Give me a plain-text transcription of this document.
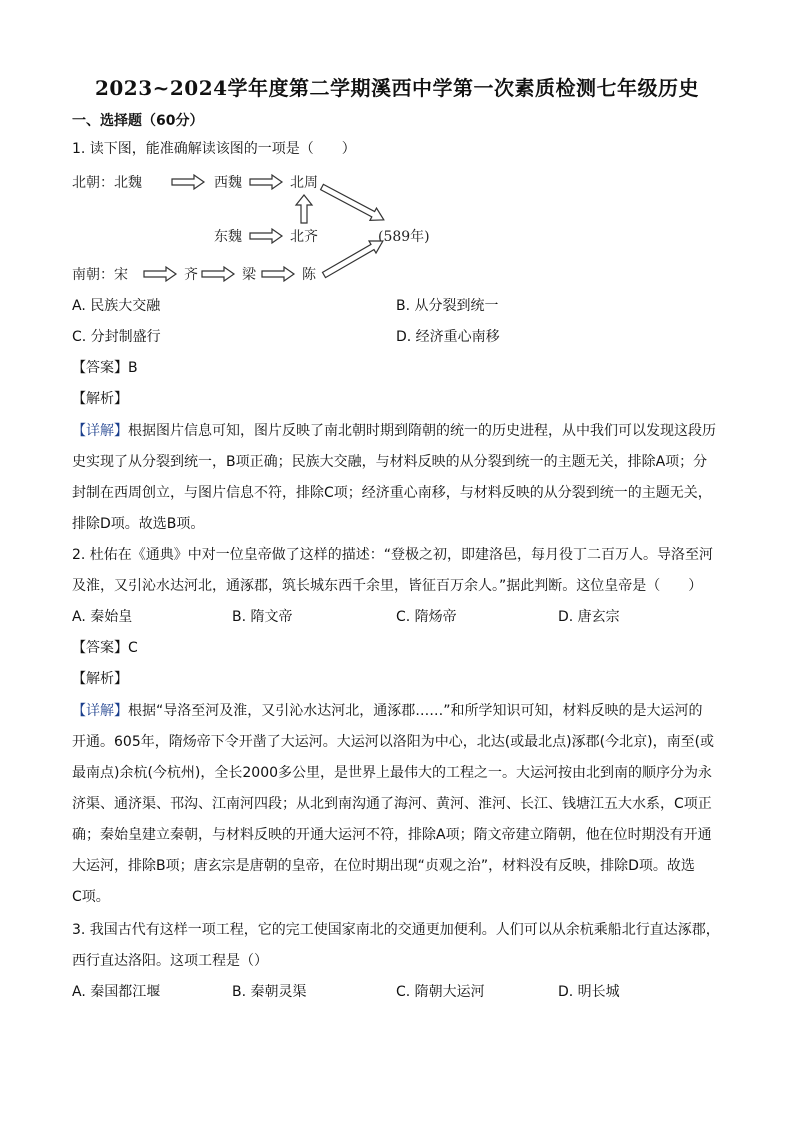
2023~2024学年度第二学期溪西中学第一次素质检测七年级历史
一、选择题（60分）
1. 读下图，能准确解读该图的一项是（　　）
北朝：北魏	西魏	北周
东魏	北齐	(589年)
南朝：宋	齐	梁	陈
A. 民族大交融	B. 从分裂到统一
C. 分封制盛行	D. 经济重心南移
【答案】B
【解析】
【详解】根据图片信息可知，图片反映了南北朝时期到隋朝的统一的历史进程，从中我们可以发现这段历
史实现了从分裂到统一，B项正确；民族大交融，与材料反映的从分裂到统一的主题无关，排除A项；分
封制在西周创立，与图片信息不符，排除C项；经济重心南移，与材料反映的从分裂到统一的主题无关，
排除D项。故选B项。
2. 杜佑在《通典》中对一位皇帝做了这样的描述：“登极之初，即建洛邑，每月役丁二百万人。导洛至河
及淮，又引沁水达河北，通涿郡，筑长城东西千余里，皆征百万余人。”据此判断。这位皇帝是（　　）
A. 秦始皇	B. 隋文帝	C. 隋炀帝	D. 唐玄宗
【答案】C
【解析】
【详解】根据“导洛至河及淮，又引沁水达河北，通涿郡……”和所学知识可知，材料反映的是大运河的
开通。605年，隋炀帝下令开凿了大运河。大运河以洛阳为中心，北达(或最北点)涿郡(今北京)，南至(或
最南点)余杭(今杭州)，全长2000多公里，是世界上最伟大的工程之一。大运河按由北到南的顺序分为永
济渠、通济渠、邗沟、江南河四段；从北到南沟通了海河、黄河、淮河、长江、钱塘江五大水系，C项正
确；秦始皇建立秦朝，与材料反映的开通大运河不符，排除A项；隋文帝建立隋朝，他在位时期没有开通
大运河，排除B项；唐玄宗是唐朝的皇帝，在位时期出现“贞观之治”，材料没有反映，排除D项。故选
C项。
3. 我国古代有这样一项工程，它的完工使国家南北的交通更加便利。人们可以从余杭乘船北行直达涿郡，
西行直达洛阳。这项工程是（）
A. 秦国都江堰	B. 秦朝灵渠	C. 隋朝大运河	D. 明长城
